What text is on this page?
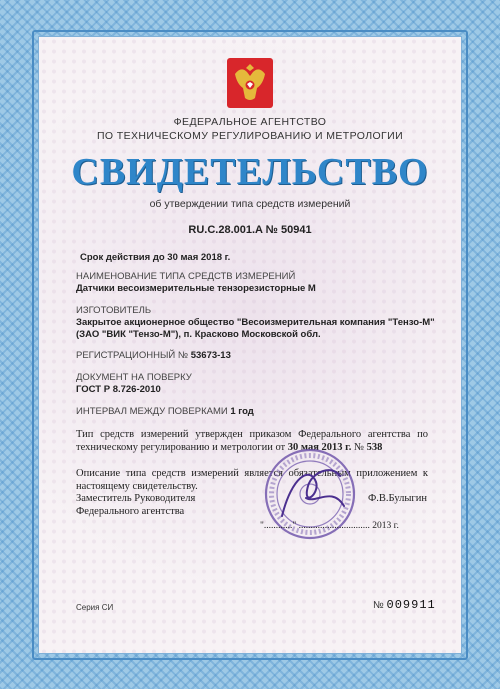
ФЕДЕРАЛЬНОЕ АГЕНТСТВО
ПО ТЕХНИЧЕСКОМУ РЕГУЛИРОВАНИЮ И МЕТРОЛОГИИ
СВИДЕТЕЛЬСТВО
об утверждении типа средств измерений
RU.C.28.001.A № 50941
Срок действия до 30 мая 2018 г.
НАИМЕНОВАНИЕ ТИПА СРЕДСТВ ИЗМЕРЕНИЙ
Датчики весоизмерительные тензорезисторные М
ИЗГОТОВИТЕЛЬ
Закрытое акционерное общество "Весоизмерительная компания "Тензо-М"
(ЗАО "ВИК "Тензо-М"), п. Красково Московской обл.
РЕГИСТРАЦИОННЫЙ № 53673-13
ДОКУМЕНТ НА ПОВЕРКУ
ГОСТ Р 8.726-2010
ИНТЕРВАЛ МЕЖДУ ПОВЕРКАМИ 1 год
Тип средств измерений утвержден приказом Федерального агентства по техническому регулированию и метрологии от 30 мая 2013 г. № 538
Описание типа средств измерений является обязательным приложением к настоящему свидетельству.
Заместитель Руководителя
Федерального агентства
Ф.В.Булыгин
"............" .............................. 2013 г.
Серия СИ	№ 009911
